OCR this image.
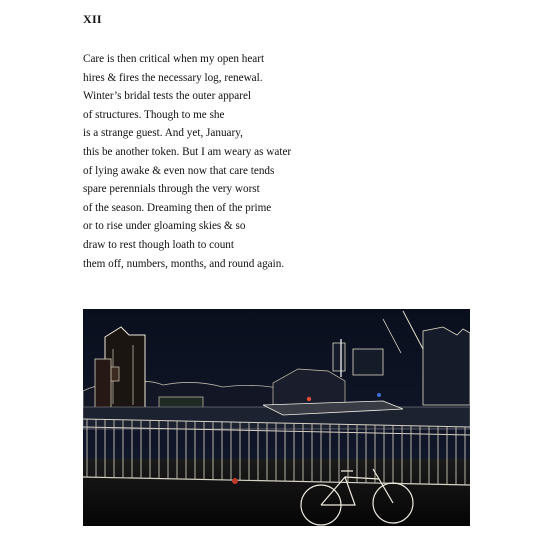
XII
Care is then critical when my open heart
hires & fires the necessary log, renewal.
Winter’s bridal tests the outer apparel
of structures. Though to me she
is a strange guest. And yet, January,
this be another token. But I am weary as water
of lying awake & even now that care tends
spare perennials through the very worst
of the season. Dreaming then of the prime
or to rise under gloaming skies & so
draw to rest though loath to count
them off, numbers, months, and round again.
